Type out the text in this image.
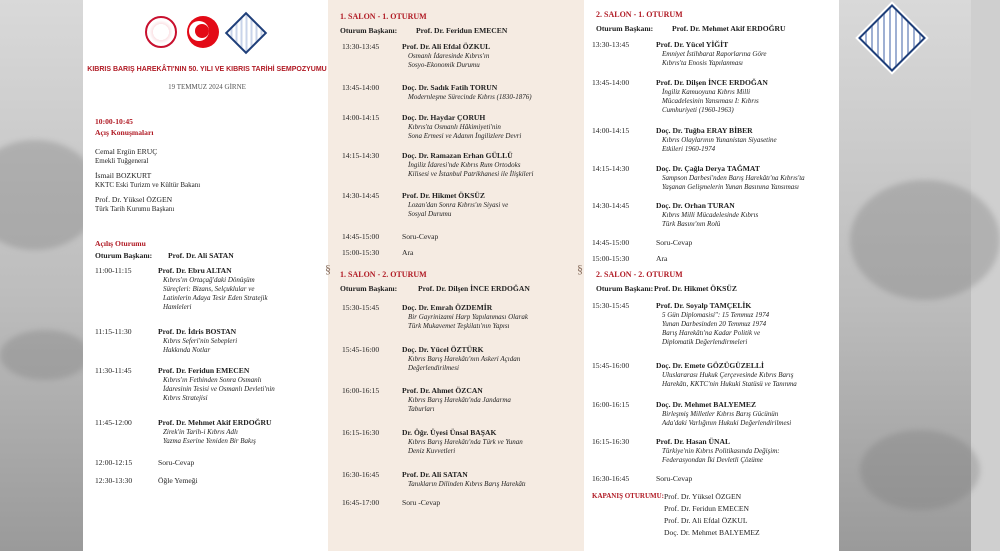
KIBRIS BARIŞ HAREKÂTI'NIN 50. YILI VE KIBRIS TARİHİ SEMPOZYUMU
19 TEMMUZ 2024 GİRNE
10:00-10:45
Açış Konuşmaları
Cemal Ergün ERUÇ
Emekli Tuğgeneral
İsmail BOZKURT
KKTC Eski Turizm ve Kültür Bakanı
Prof. Dr. Yüksel ÖZGEN
Türk Tarih Kurumu Başkanı
Açılış Oturumu
Oturum Başkanı: Prof. Dr. Ali SATAN
11:00-11:15	Prof. Dr. Ebru ALTAN
Kıbrıs'ın Ortaçağ'daki Dönüşüm
Süreçleri: Bizans, Selçuklular ve
Latinlerin Adaya Tesir Eden Stratejik
Hamleleri
11:15-11:30	Prof. Dr. İdris BOSTAN
Kıbrıs Seferi'nin Sebepleri
Hakkında Notlar
11:30-11:45	Prof. Dr. Feridun EMECEN
Kıbrıs'ın Fethinden Sonra Osmanlı
İdaresinin Tesisi ve Osmanlı Devleti'nin
Kıbrıs Stratejisi
11:45-12:00	Prof. Dr. Mehmet Akif ERDOĞRU
Zirek'in Tarih-i Kıbrıs Adlı
Yazma Eserine Yeniden Bir Bakış
12:00-12:15	Soru-Cevap
12:30-13:30	Öğle Yemeği
§	§
1. SALON - 1. OTURUM
Oturum Başkanı: Prof. Dr. Feridun EMECEN
13:30-13:45	Prof. Dr. Ali Efdal ÖZKUL
Osmanlı İdaresinde Kıbrıs'ın
Sosyo-Ekonomik Durumu
13:45-14:00	Doç. Dr. Sadık Fatih TORUN
Modernleşme Sürecinde Kıbrıs (1830-1876)
14:00-14:15	Doç. Dr. Haydar ÇORUH
Kıbrıs'ta Osmanlı Hâkimiyeti'nin
Sona Ermesi ve Adanın İngilizlere Devri
14:15-14:30	Doç. Dr. Ramazan Erhan GÜLLÜ
İngiliz İdaresi'nde Kıbrıs Rum Ortodoks
Kilisesi ve İstanbul Patrikhanesi ile İlişkileri
14:30-14:45	Prof. Dr. Hikmet ÖKSÜZ
Lozan'dan Sonra Kıbrıs'ın Siyasi ve
Sosyal Durumu
14:45-15:00	Soru-Cevap
15:00-15:30	Ara
1. SALON - 2. OTURUM
Oturum Başkanı:	Prof. Dr. Dilşen İNCE ERDOĞAN
15:30-15:45	Doç. Dr. Emrah ÖZDEMİR
Bir Gayrinizami Harp Yapılanması Olarak
Türk Mukavemet Teşkilatı'nın Yapısı
15:45-16:00	Doç. Dr. Yücel ÖZTÜRK
Kıbrıs Barış Harekâtı'nın Askeri Açıdan
Değerlendirilmesi
16:00-16:15	Prof. Dr. Ahmet ÖZCAN
Kıbrıs Barış Harekâtı'nda Jandarma
Taburları
16:15-16:30	Dr. Öğr. Üyesi Ünsal BAŞAK
Kıbrıs Barış Harekâtı'nda Türk ve Yunan
Deniz Kuvvetleri
16:30-16:45	Prof. Dr. Ali SATAN
Tanıkların Dilinden Kıbrıs Barış Harekâtı
16:45-17:00	Soru -Cevap
2. SALON - 1. OTURUM
Oturum Başkanı: Prof. Dr. Mehmet Akif ERDOĞRU
13:30-13:45	Prof. Dr. Yücel YİĞİT
Emniyet İstihbarat Raporlarına Göre
Kıbrıs'ta Enosis Yapılanması
13:45-14:00	Prof. Dr. Dilşen İNCE ERDOĞAN
İngiliz Kamuoyuna Kıbrıs Milli
Mücadelesinin Yansıması I: Kıbrıs
Cumhuriyeti (1960-1963)
14:00-14:15	Doç. Dr. Tuğba ERAY BİBER
Kıbrıs Olaylarının Yunanistan Siyasetine
Etkileri 1960-1974
14:15-14:30	Doç. Dr. Çağla Derya TAĞMAT
Sampson Darbesi'nden Barış Harekâtı'na Kıbrıs'ta
Yaşanan Gelişmelerin Yunan Basınına Yansıması
14:30-14:45	Doç. Dr. Orhan TURAN
Kıbrıs Milli Mücadelesinde Kıbrıs
Türk Basını'nın Rolü
14:45-15:00	Soru-Cevap
15:00-15:30	Ara
2. SALON - 2. OTURUM
Oturum Başkanı: Prof. Dr. Hikmet ÖKSÜZ
15:30-15:45	Prof. Dr. Soyalp TAMÇELİK
5 Gün Diplomasisi": 15 Temmuz 1974
Yunan Darbesinden 20 Temmuz 1974
Barış Harekâtı'na Kadar Politik ve
Diplomatik Değerlendirmeleri
15:45-16:00	Doç. Dr. Emete GÖZÜGÜZELLİ
Uluslararası Hukuk Çerçevesinde Kıbrıs Barış
Harekâtı, KKTC'nin Hukuki Statüsü ve Tanınma
16:00-16:15	Doç. Dr. Mehmet BALYEMEZ
Birleşmiş Milletler Kıbrıs Barış Gücünün
Ada'daki Varlığının Hukuki Değerlendirilmesi
16:15-16:30	Prof. Dr. Hasan ÜNAL
Türkiye'nin Kıbrıs Politikasında Değişim:
Federasyondan İki Devletli Çözüme
16:30-16:45	Soru-Cevap
KAPANIŞ OTURUMU: Prof. Dr. Yüksel ÖZGEN
Prof. Dr. Feridun EMECEN
Prof. Dr. Ali Efdal ÖZKUL
Doç. Dr. Mehmet BALYEMEZ
